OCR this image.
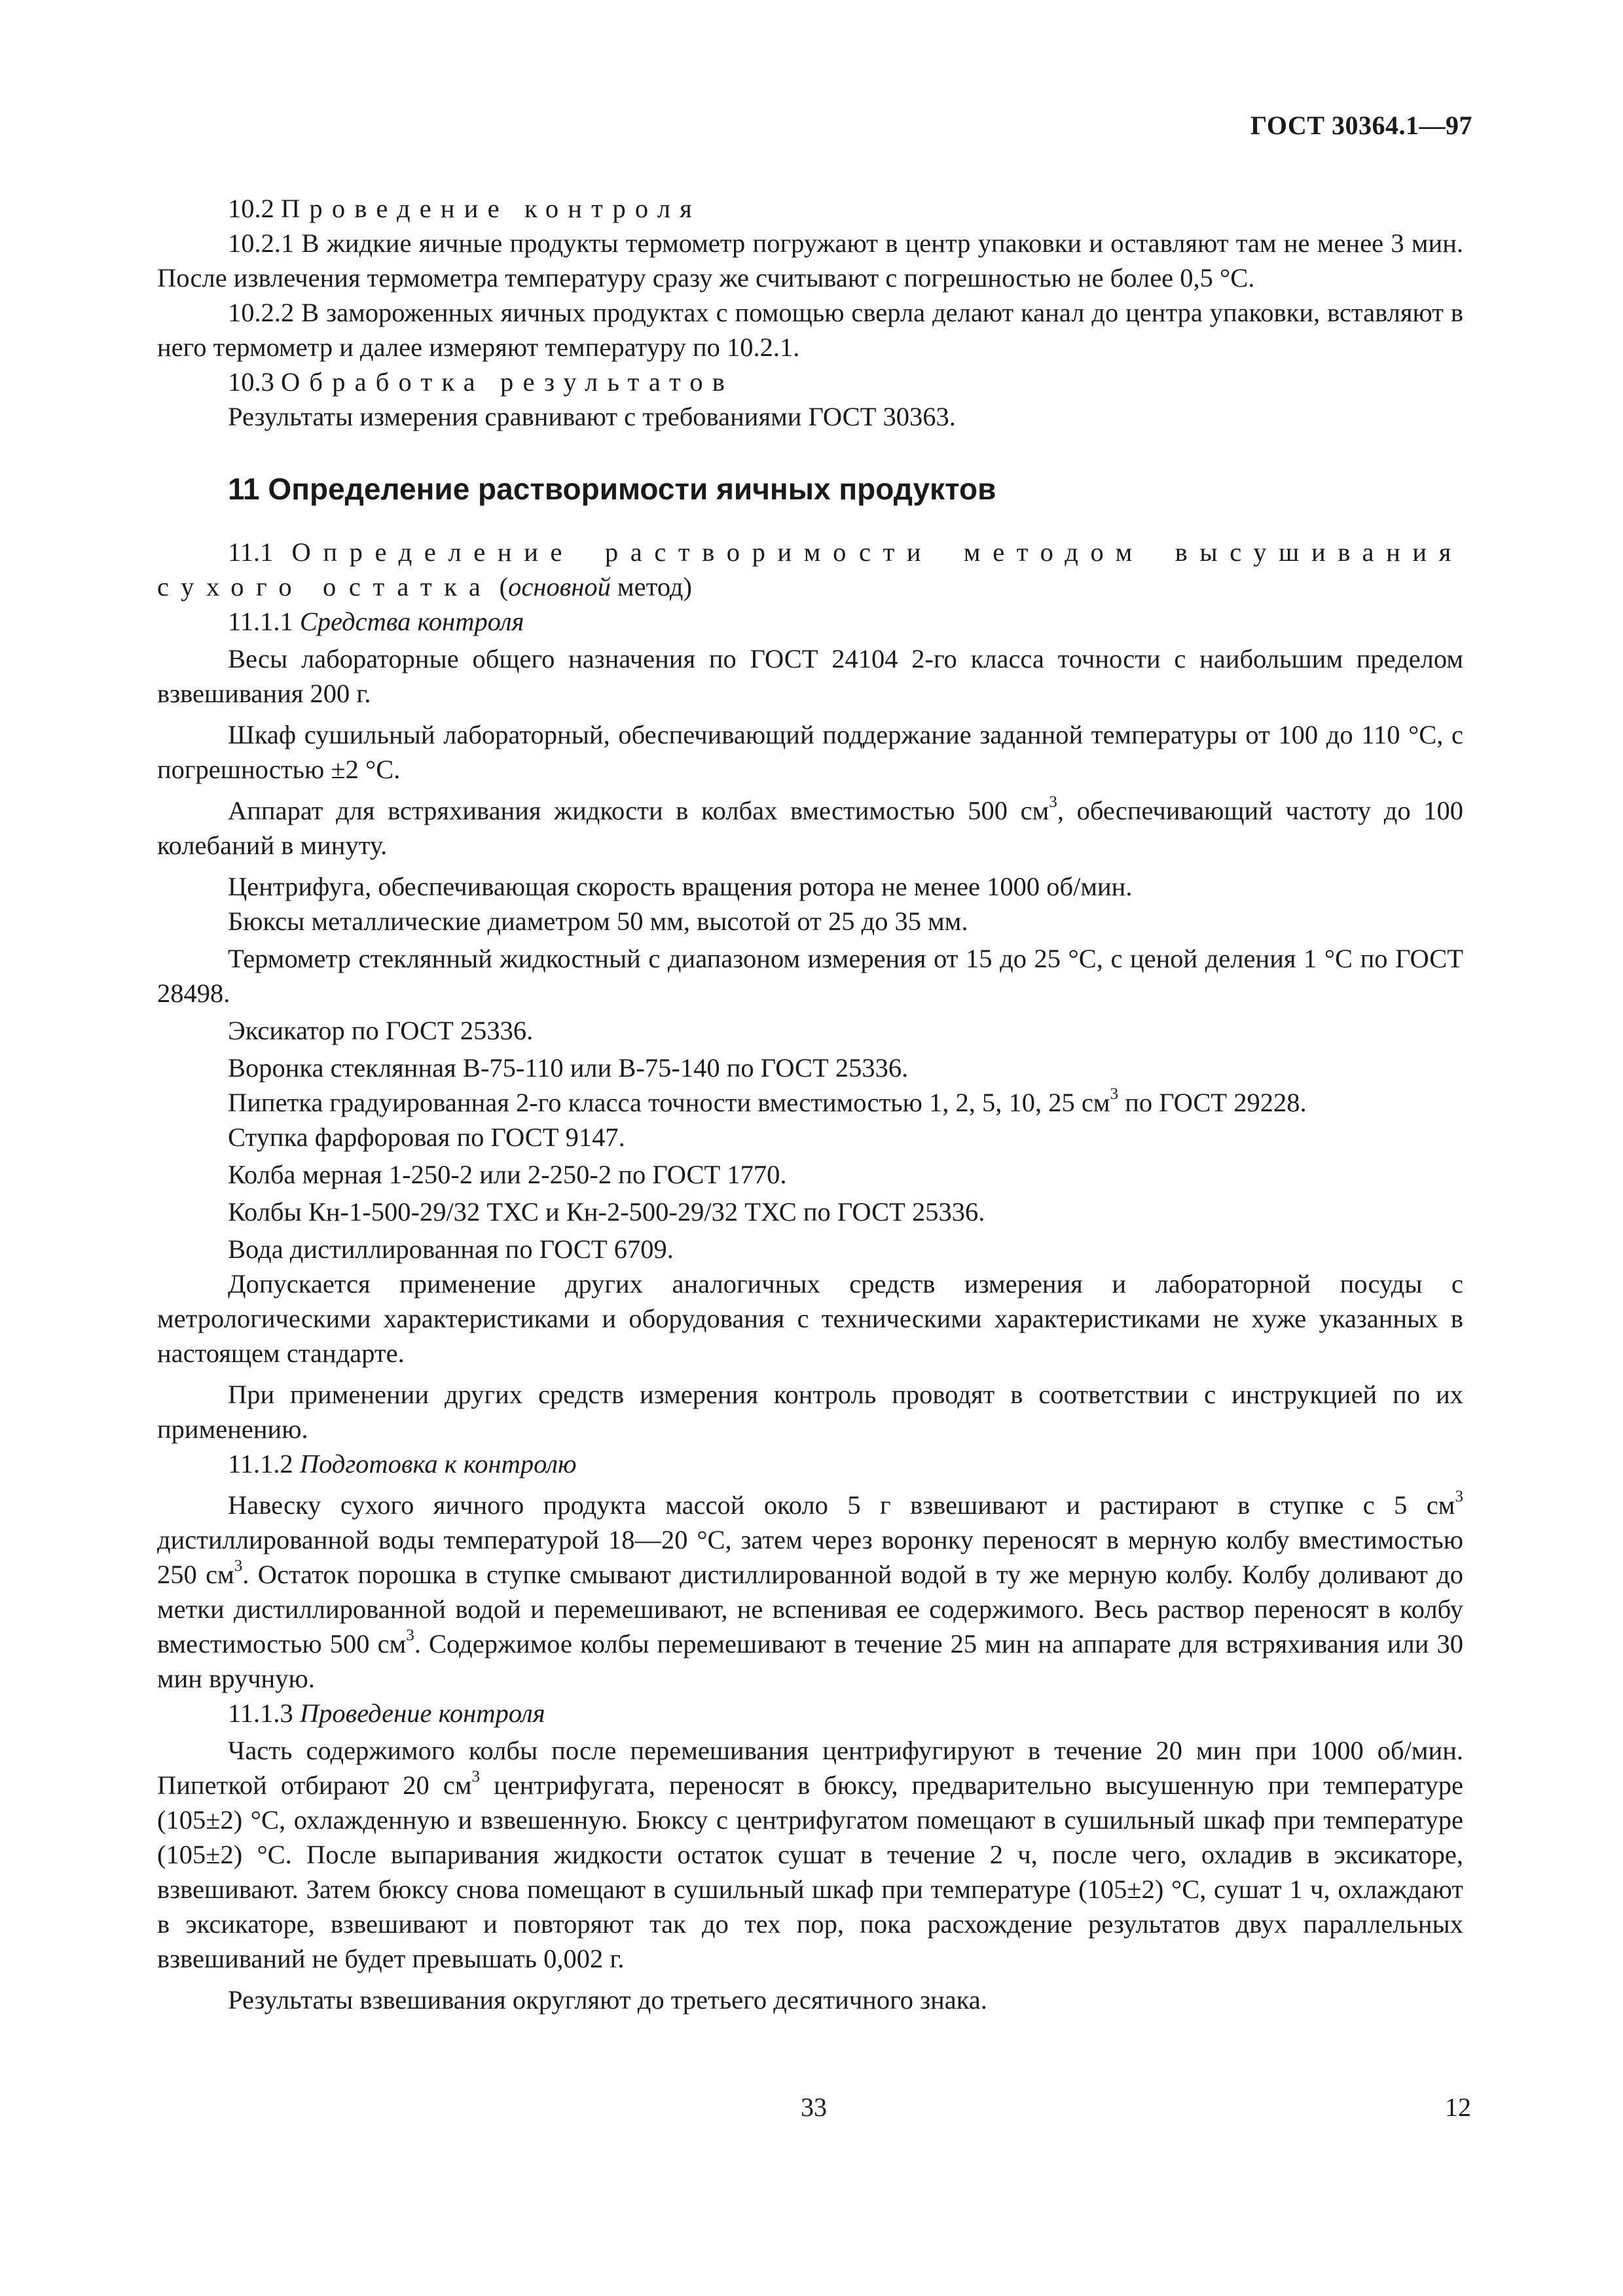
ГОСТ 30364.1—97

10.2 Проведение контроля

10.2.1 В жидкие яичные продукты термометр погружают в центр упаковки и оставляют там не менее 3 мин. После извлечения термометра температуру сразу же считывают с погрешностью не более 0,5 °С.

10.2.2 В замороженных яичных продуктах с помощью сверла делают канал до центра упаковки, вставляют в него термометр и далее измеряют температуру по 10.2.1.

10.3 Обработка результатов

Результаты измерения сравнивают с требованиями ГОСТ 30363.

11 Определение растворимости яичных продуктов

11.1 Определение растворимости методом высушивания сухого остатка (основной метод)

11.1.1 Средства контроля

Весы лабораторные общего назначения по ГОСТ 24104 2-го класса точности с наибольшим пределом взвешивания 200 г.

Шкаф сушильный лабораторный, обеспечивающий поддержание заданной температуры от 100 до 110 °С, с погрешностью ±2 °С.

Аппарат для встряхивания жидкости в колбах вместимостью 500 $см^3$, обеспечивающий частоту до 100 колебаний в минуту.

Центрифуга, обеспечивающая скорость вращения ротора не менее 1000 об/мин.

Бюксы металлические диаметром 50 мм, высотой от 25 до 35 мм.

Термометр стеклянный жидкостный с диапазоном измерения от 15 до 25 °С, с ценой деления 1 °С по ГОСТ 28498.

Эксикатор по ГОСТ 25336.

Воронка стеклянная В-75-110 или В-75-140 по ГОСТ 25336.

Пипетка градуированная 2-го класса точности вместимостью 1, 2, 5, 10, 25 $см^3$ по ГОСТ 29228.

Ступка фарфоровая по ГОСТ 9147.

Колба мерная 1-250-2 или 2-250-2 по ГОСТ 1770.

Колбы Кн-1-500-29/32 ТХС и Кн-2-500-29/32 ТХС по ГОСТ 25336.

Вода дистиллированная по ГОСТ 6709.

Допускается применение других аналогичных средств измерения и лабораторной посуды с метрологическими характеристиками и оборудования с техническими характеристиками не хуже указанных в настоящем стандарте.

При применении других средств измерения контроль проводят в соответствии с инструкцией по их применению.

11.1.2 Подготовка к контролю

Навеску сухого яичного продукта массой около 5 г взвешивают и растирают в ступке с 5 $см^3$ дистиллированной воды температурой 18—20 °С, затем через воронку переносят в мерную колбу вместимостью 250 $см^3$. Остаток порошка в ступке смывают дистиллированной водой в ту же мерную колбу. Колбу доливают до метки дистиллированной водой и перемешивают, не вспенивая ее содержимого. Весь раствор переносят в колбу вместимостью 500 $см^3$. Содержимое колбы перемешивают в течение 25 мин на аппарате для встряхивания или 30 мин вручную.

11.1.3 Проведение контроля

Часть содержимого колбы после перемешивания центрифугируют в течение 20 мин при 1000 об/мин. Пипеткой отбирают 20 $см^3$ центрифугата, переносят в бюксу, предварительно высушенную при температуре (105±2) °С, охлажденную и взвешенную. Бюксу с центрифугатом помещают в сушильный шкаф при температуре (105±2) °С. После выпаривания жидкости остаток сушат в течение 2 ч, после чего, охладив в эксикаторе, взвешивают. Затем бюксу снова помещают в сушильный шкаф при температуре (105±2) °С, сушат 1 ч, охлаждают в эксикаторе, взвешивают и повторяют так до тех пор, пока расхождение результатов двух параллельных взвешиваний не будет превышать 0,002 г.

Результаты взвешивания округляют до третьего десятичного знака.

33	12
